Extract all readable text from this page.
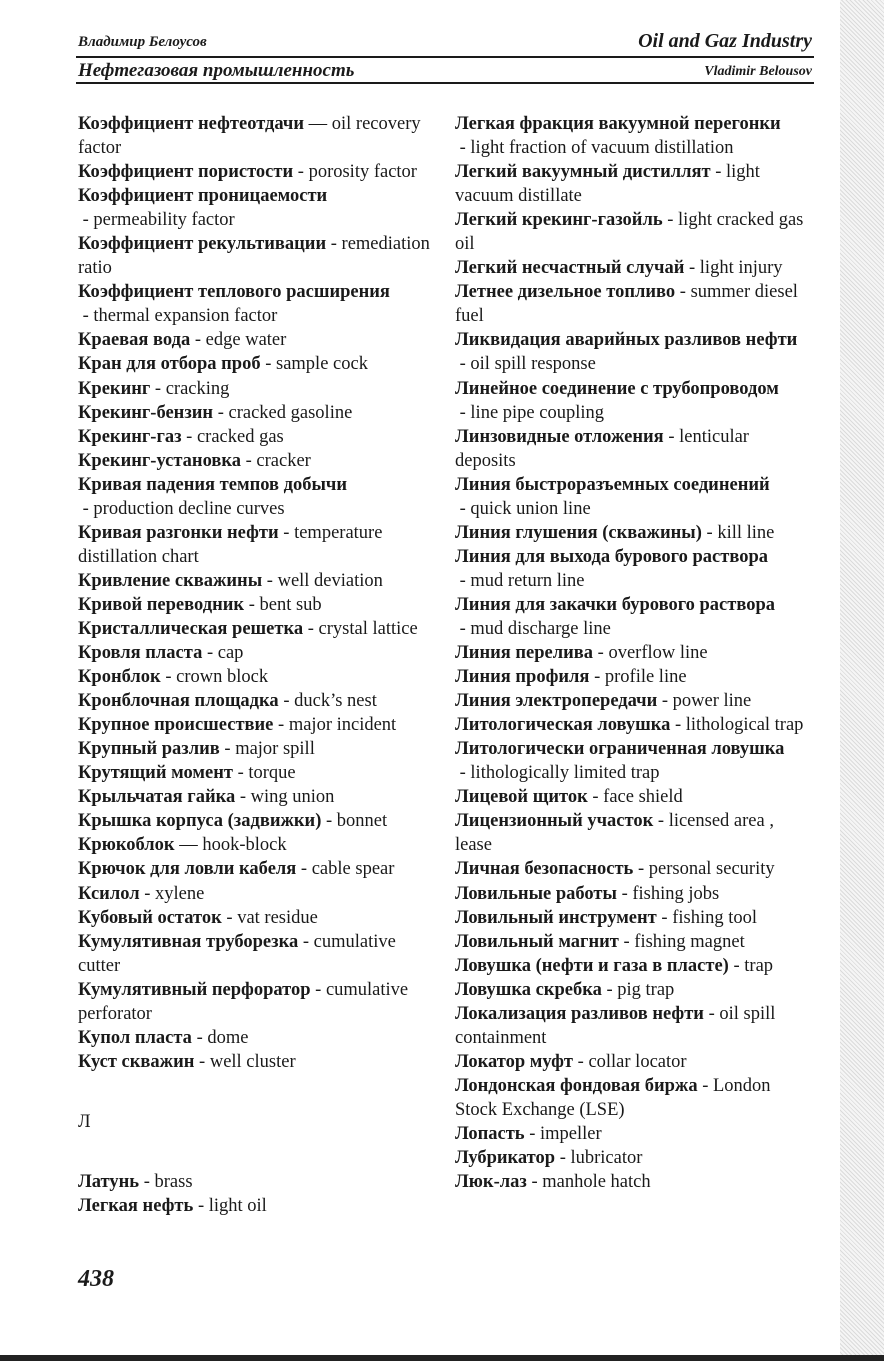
Владимир Белоусов	Oil and Gaz Industry
Нефтегазовая промышленность	Vladimir Belousov

Коэффициент нефтеотдачи — oil recovery factor

Коэффициент пористости - porosity factor

Коэффициент проницаемости - permeability factor

Коэффициент рекультивации - remediation ratio

Коэффициент теплового расширения - thermal expansion factor

Краевая вода - edge water

Кран для отбора проб - sample cock

Крекинг - cracking

Крекинг-бензин - cracked gasoline

Крекинг-газ - cracked gas

Крекинг-установка - cracker

Кривая падения темпов добычи - production decline curves

Кривая разгонки нефти - temperature distillation chart

Кривление скважины - well deviation

Кривой переводник - bent sub

Кристаллическая решетка - crystal lattice

Кровля пласта - cap

Кронблок - crown block

Кронблочная площадка - duck’s nest

Крупное происшествие - major incident

Крупный разлив - major spill

Крутящий момент - torque

Крыльчатая гайка - wing union

Крышка корпуса (задвижки) - bonnet

Крюкоблок — hook-block

Крючок для ловли кабеля - cable spear

Ксилол - xylene

Кубовый остаток - vat residue

Кумулятивная труборезка - cumulative cutter

Кумулятивный перфоратор - cumulative perforator

Купол пласта - dome

Куст скважин - well cluster

Л

Латунь - brass

Легкая нефть - light oil

Легкая фракция вакуумной перегонки - light fraction of vacuum distillation

Легкий вакуумный дистиллят - light vacuum distillate

Легкий крекинг-газойль - light cracked gas oil

Легкий несчастный случай - light injury

Летнее дизельное топливо - summer diesel fuel

Ликвидация аварийных разливов нефти - oil spill response

Линейное соединение с трубопроводом - line pipe coupling

Линзовидные отложения - lenticular deposits

Линия быстроразъемных соединений - quick union line

Линия глушения (скважины) - kill line

Линия для выхода бурового раствора - mud return line

Линия для закачки бурового раствора - mud discharge line

Линия перелива - overflow line

Линия профиля - profile line

Линия электропередачи - power line

Литологическая ловушка - lithological trap

Литологически ограниченная ловушка - lithologically limited trap

Лицевой щиток - face shield

Лицензионный участок - licensed area , lease

Личная безопасность - personal security

Ловильные работы - fishing jobs

Ловильный инструмент - fishing tool

Ловильный магнит - fishing magnet

Ловушка (нефти и газа в пласте) - trap

Ловушка скребка - pig trap

Локализация разливов нефти - oil spill containment

Локатор муфт - collar locator

Лондонская фондовая биржа - London Stock Exchange (LSE)

Лопасть - impeller

Лубрикатор - lubricator

Люк-лаз - manhole hatch

438
